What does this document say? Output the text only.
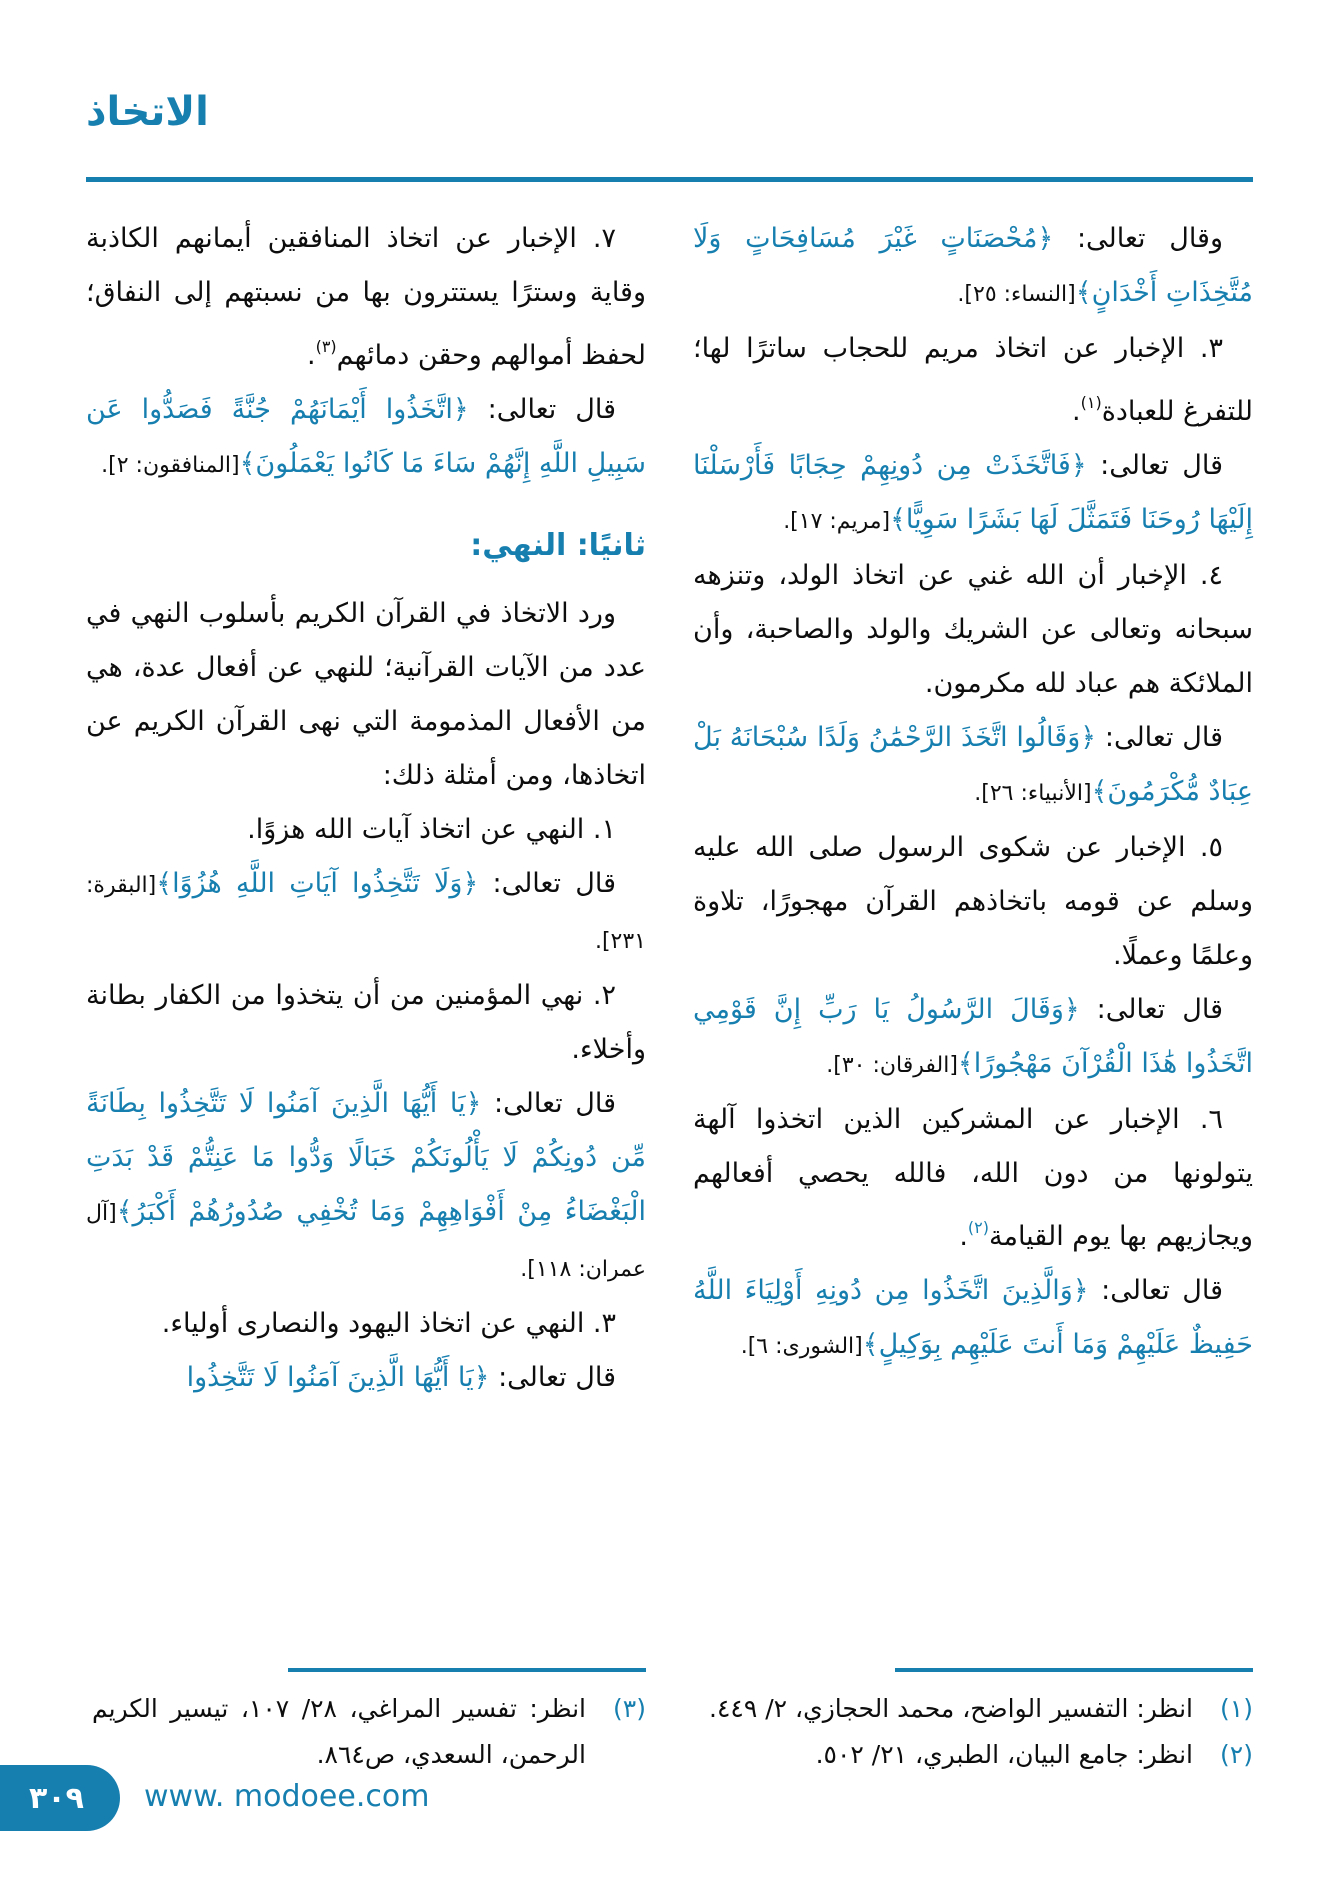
الاتخاذ

وقال تعالى: ﴿مُحْصَنَاتٍ غَيْرَ مُسَافِحَاتٍ وَلَا مُتَّخِذَاتِ أَخْدَانٍ﴾[النساء: ٢٥].

٣. الإخبار عن اتخاذ مريم للحجاب ساترًا لها؛ للتفرغ للعبادة$^{(١)}$.

قال تعالى: ﴿فَاتَّخَذَتْ مِن دُونِهِمْ حِجَابًا فَأَرْسَلْنَا إِلَيْهَا رُوحَنَا فَتَمَثَّلَ لَهَا بَشَرًا سَوِيًّا﴾[مريم: ١٧].

٤. الإخبار أن الله غني عن اتخاذ الولد، وتنزهه سبحانه وتعالى عن الشريك والولد والصاحبة، وأن الملائكة هم عباد لله مكرمون.

قال تعالى: ﴿وَقَالُوا اتَّخَذَ الرَّحْمَٰنُ وَلَدًا سُبْحَانَهُ بَلْ عِبَادٌ مُّكْرَمُونَ﴾[الأنبياء: ٢٦].

٥. الإخبار عن شكوى الرسول صلى الله عليه وسلم عن قومه باتخاذهم القرآن مهجورًا، تلاوة وعلمًا وعملًا.

قال تعالى: ﴿وَقَالَ الرَّسُولُ يَا رَبِّ إِنَّ قَوْمِي اتَّخَذُوا هَٰذَا الْقُرْآنَ مَهْجُورًا﴾[الفرقان: ٣٠].

٦. الإخبار عن المشركين الذين اتخذوا آلهة يتولونها من دون الله، فالله يحصي أفعالهم ويجازيهم بها يوم القيامة$^{(٢)}$.

قال تعالى: ﴿وَالَّذِينَ اتَّخَذُوا مِن دُونِهِ أَوْلِيَاءَ اللَّهُ حَفِيظٌ عَلَيْهِمْ وَمَا أَنتَ عَلَيْهِم بِوَكِيلٍ﴾[الشورى: ٦].

(١)
انظر: التفسير الواضح، محمد الحجازي، ٢/ ٤٤٩.
(٢)
انظر: جامع البيان، الطبري، ٢١/ ٥٠٢.

٧. الإخبار عن اتخاذ المنافقين أيمانهم الكاذبة وقاية وسترًا يستترون بها من نسبتهم إلى النفاق؛ لحفظ أموالهم وحقن دمائهم$^{(٣)}$.

قال تعالى: ﴿اتَّخَذُوا أَيْمَانَهُمْ جُنَّةً فَصَدُّوا عَن سَبِيلِ اللَّهِ إِنَّهُمْ سَاءَ مَا كَانُوا يَعْمَلُونَ﴾[المنافقون: ٢].

ثانيًا: النهي:

ورد الاتخاذ في القرآن الكريم بأسلوب النهي في عدد من الآيات القرآنية؛ للنهي عن أفعال عدة، هي من الأفعال المذمومة التي نهى القرآن الكريم عن اتخاذها، ومن أمثلة ذلك:

١. النهي عن اتخاذ آيات الله هزوًا.

قال تعالى: ﴿وَلَا تَتَّخِذُوا آيَاتِ اللَّهِ هُزُوًا﴾[البقرة: ٢٣١].

٢. نهي المؤمنين من أن يتخذوا من الكفار بطانة وأخلاء.

قال تعالى: ﴿يَا أَيُّهَا الَّذِينَ آمَنُوا لَا تَتَّخِذُوا بِطَانَةً مِّن دُونِكُمْ لَا يَأْلُونَكُمْ خَبَالًا وَدُّوا مَا عَنِتُّمْ قَدْ بَدَتِ الْبَغْضَاءُ مِنْ أَفْوَاهِهِمْ وَمَا تُخْفِي صُدُورُهُمْ أَكْبَرُ﴾[آل عمران: ١١٨].

٣. النهي عن اتخاذ اليهود والنصارى أولياء.

قال تعالى: ﴿يَا أَيُّهَا الَّذِينَ آمَنُوا لَا تَتَّخِذُوا

(٣)
انظر: تفسير المراغي، ٢٨/ ١٠٧، تيسير الكريم الرحمن، السعدي، ص٨٦٤.
٣٠٩	www. modoee.com
